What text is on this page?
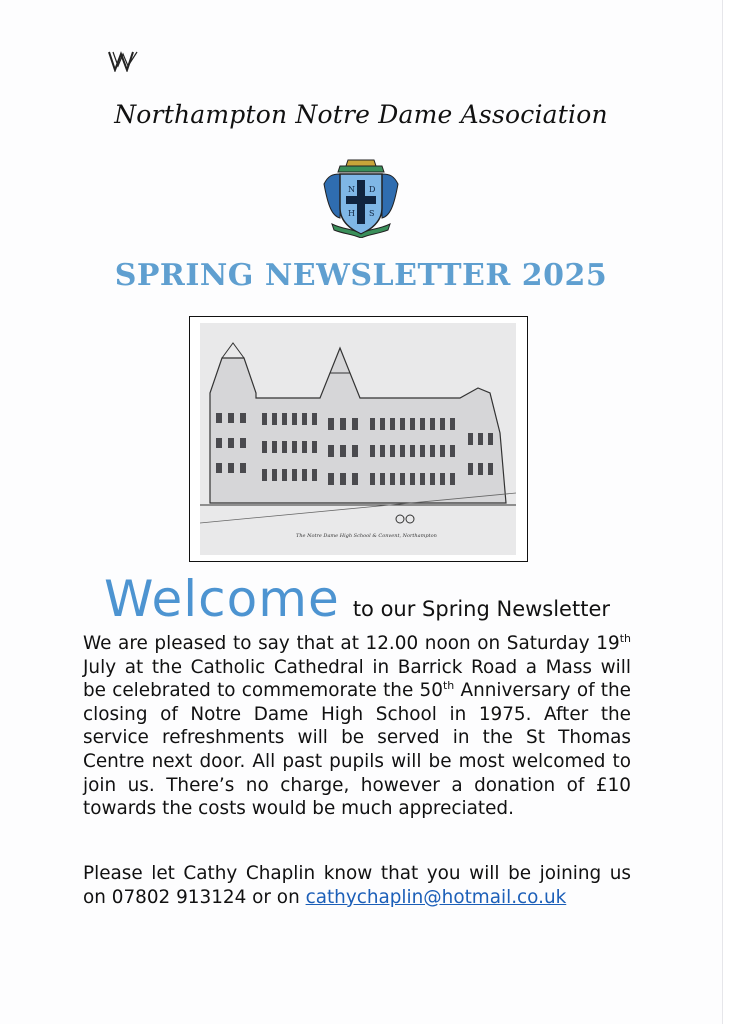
Northampton Notre Dame Association
N D
H S
SPRING NEWSLETTER 2025
The Notre Dame High School & Convent, Northampton
Welcome to our Spring Newsletter
We are pleased to say that at 12.00 noon on Saturday 19th July at the Catholic Cathedral in Barrick Road a Mass will be celebrated to commemorate the 50th Anniversary of the closing of Notre Dame High School in 1975. After the service refreshments will be served in the St Thomas Centre next door. All past pupils will be most welcomed to join us. There’s no charge, however a donation of £10 towards the costs would be much appreciated.
Please let Cathy Chaplin know that you will be joining us on 07802 913124 or on cathychaplin@hotmail.co.uk
